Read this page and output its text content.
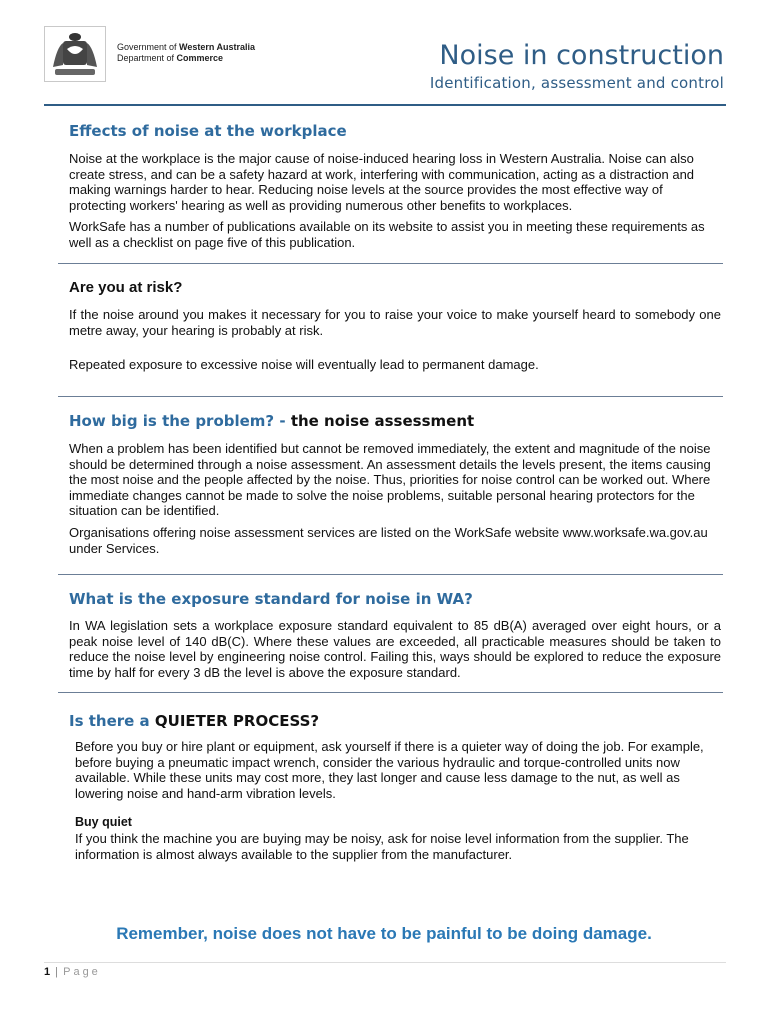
Government of Western Australia
Department of Commerce	Noise in construction
Identification, assessment and control
Effects of noise at the workplace
Noise at the workplace is the major cause of noise-induced hearing loss in Western Australia. Noise can also create stress, and can be a safety hazard at work, interfering with communication, acting as a distraction and making warnings harder to hear. Reducing noise levels at the source provides the most effective way of protecting workers' hearing as well as providing numerous other benefits to workplaces.
WorkSafe has a number of publications available on its website to assist you in meeting these requirements as well as a checklist on page five of this publication.
Are you at risk?
If the noise around you makes it necessary for you to raise your voice to make yourself heard to somebody one metre away, your hearing is probably at risk.
Repeated exposure to excessive noise will eventually lead to permanent damage.
How big is the problem? - the noise assessment
When a problem has been identified but cannot be removed immediately, the extent and magnitude of the noise should be determined through a noise assessment. An assessment details the levels present, the items causing the most noise and the people affected by the noise. Thus, priorities for noise control can be worked out. Where immediate changes cannot be made to solve the noise problems, suitable personal hearing protectors for the situation can be identified.
Organisations offering noise assessment services are listed on the WorkSafe website www.worksafe.wa.gov.au under Services.
What is the exposure standard for noise in WA?
In WA legislation sets a workplace exposure standard equivalent to 85 dB(A) averaged over eight hours, or a peak noise level of 140 dB(C). Where these values are exceeded, all practicable measures should be taken to reduce the noise level by engineering noise control. Failing this, ways should be explored to reduce the exposure time by half for every 3 dB the level is above the exposure standard.
Is there a QUIETER PROCESS?
Before you buy or hire plant or equipment, ask yourself if there is a quieter way of doing the job. For example, before buying a pneumatic impact wrench, consider the various hydraulic and torque-controlled units now available. While these units may cost more, they last longer and cause less damage to the nut, as well as lowering noise and hand-arm vibration levels.
Buy quiet
If you think the machine you are buying may be noisy, ask for noise level information from the supplier. The information is almost always available to the supplier from the manufacturer.
Remember, noise does not have to be painful to be doing damage.
1 | Page
